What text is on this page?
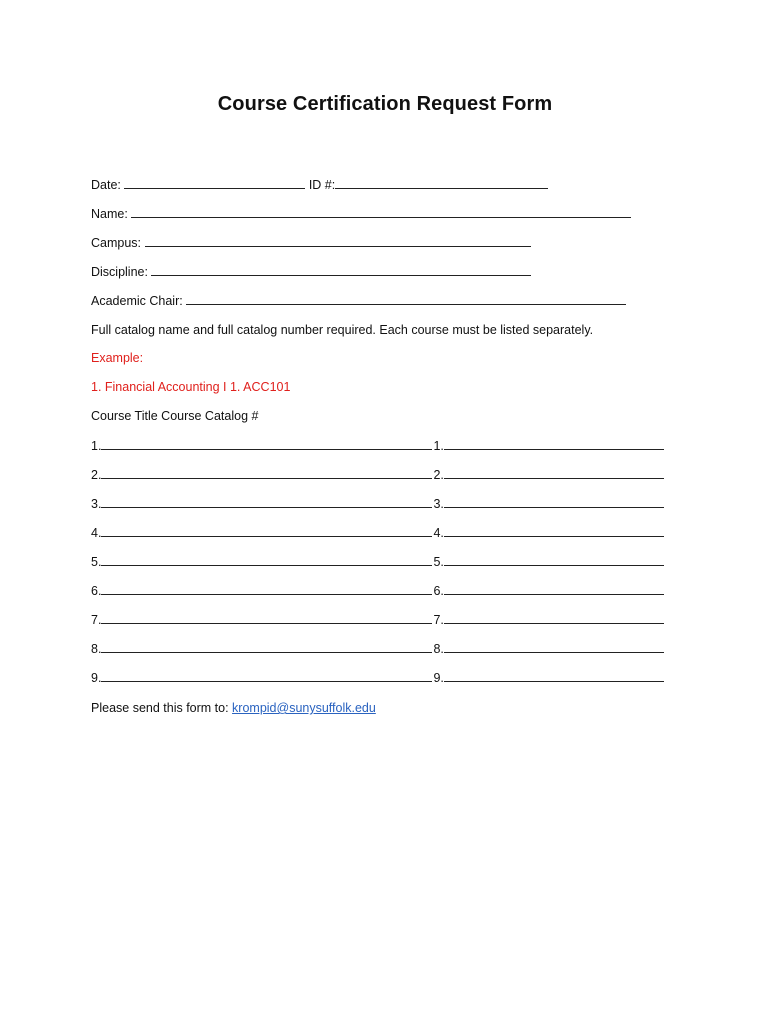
Course Certification Request Form
Date:	ID #:
Name:
Campus:
Discipline:
Academic Chair:
Full catalog name and full catalog number required. Each course must be listed separately.
Example:
1. Financial Accounting I 1. ACC101
Course Title Course Catalog #
1.	1.
2.	2.
3.	3.
4.	4.
5.	5.
6.	6.
7.	7.
8.	8.
9.	9.
Please send this form to: krompid@sunysuffolk.edu
